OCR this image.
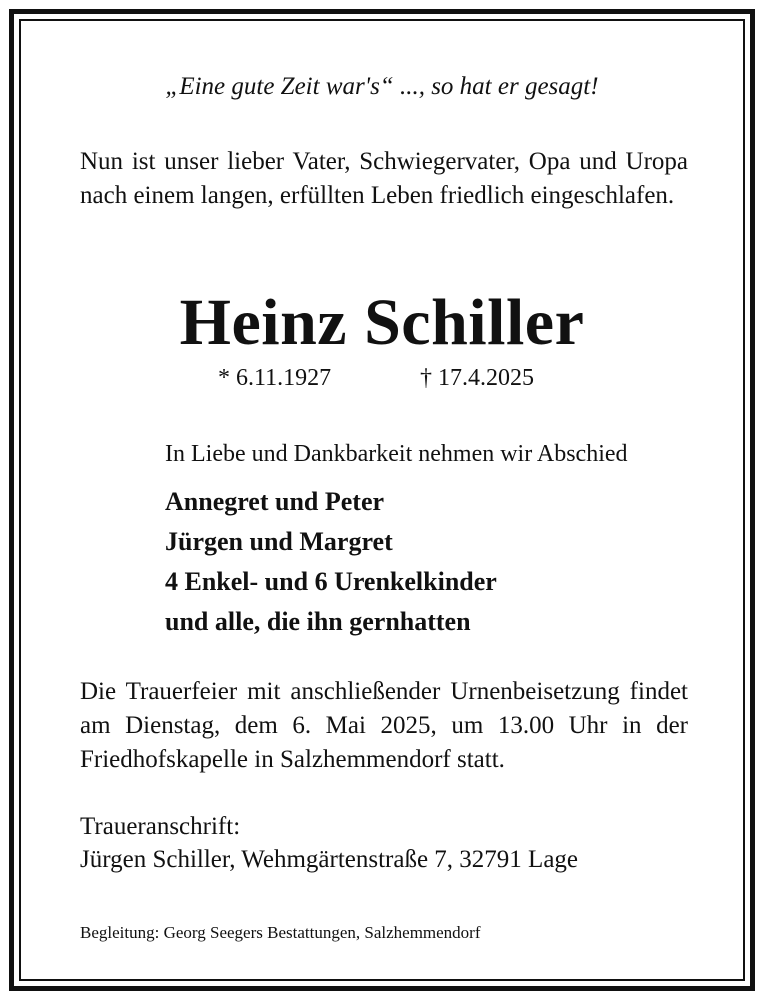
„Eine gute Zeit war's“ ..., so hat er gesagt!

Nun ist unser lieber Vater, Schwiegervater, Opa und Uropa nach einem langen, erfüllten Leben friedlich eingeschlafen.

Heinz Schiller

* 6.11.1927	† 17.4.2025

In Liebe und Dankbarkeit nehmen wir Abschied

Annegret und Peter
Jürgen und Margret
4 Enkel- und 6 Urenkelkinder
und alle, die ihn gernhatten

Die Trauerfeier mit anschließender Urnenbeisetzung findet am Dienstag, dem 6. Mai 2025, um 13.00 Uhr in der Friedhofskapelle in Salzhemmendorf statt.

Traueranschrift:

Jürgen Schiller, Wehmgärtenstraße 7, 32791 Lage

Begleitung: Georg Seegers Bestattungen, Salzhemmendorf
